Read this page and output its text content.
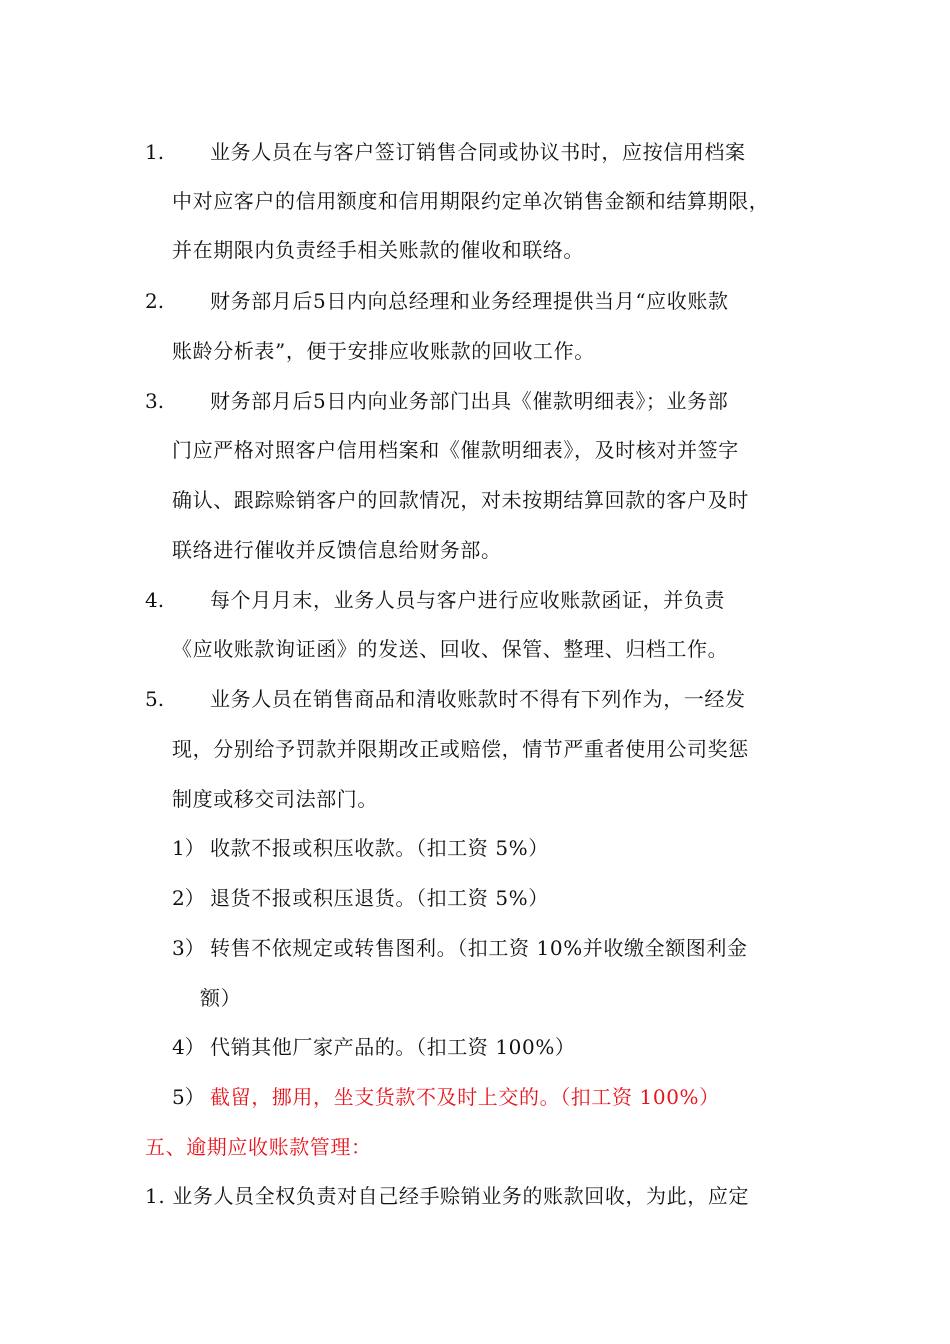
1. 业务人员在与客户签订销售合同或协议书时，应按信用档案
中对应客户的信用额度和信用期限约定单次销售金额和结算期限，
并在期限内负责经手相关账款的催收和联络。
2. 财务部月后5日内向总经理和业务经理提供当月“应收账款
账龄分析表”，便于安排应收账款的回收工作。
3. 财务部月后5日内向业务部门出具《催款明细表》；业务部
门应严格对照客户信用档案和《催款明细表》，及时核对并签字
确认、跟踪赊销客户的回款情况，对未按期结算回款的客户及时
联络进行催收并反馈信息给财务部。
4. 每个月月末，业务人员与客户进行应收账款函证，并负责
《应收账款询证函》的发送、回收、保管、整理、归档工作。
5. 业务人员在销售商品和清收账款时不得有下列作为，一经发
现，分别给予罚款并限期改正或赔偿，情节严重者使用公司奖惩
制度或移交司法部门。
1） 收款不报或积压收款。（扣工资 5%）
2） 退货不报或积压退货。（扣工资 5%）
3） 转售不依规定或转售图利。（扣工资 10%并收缴全额图利金
额）
4） 代销其他厂家产品的。（扣工资 100%）
5） 截留，挪用，坐支货款不及时上交的。（扣工资 100%）
五、逾期应收账款管理：
1. 业务人员全权负责对自己经手赊销业务的账款回收，为此，应定
